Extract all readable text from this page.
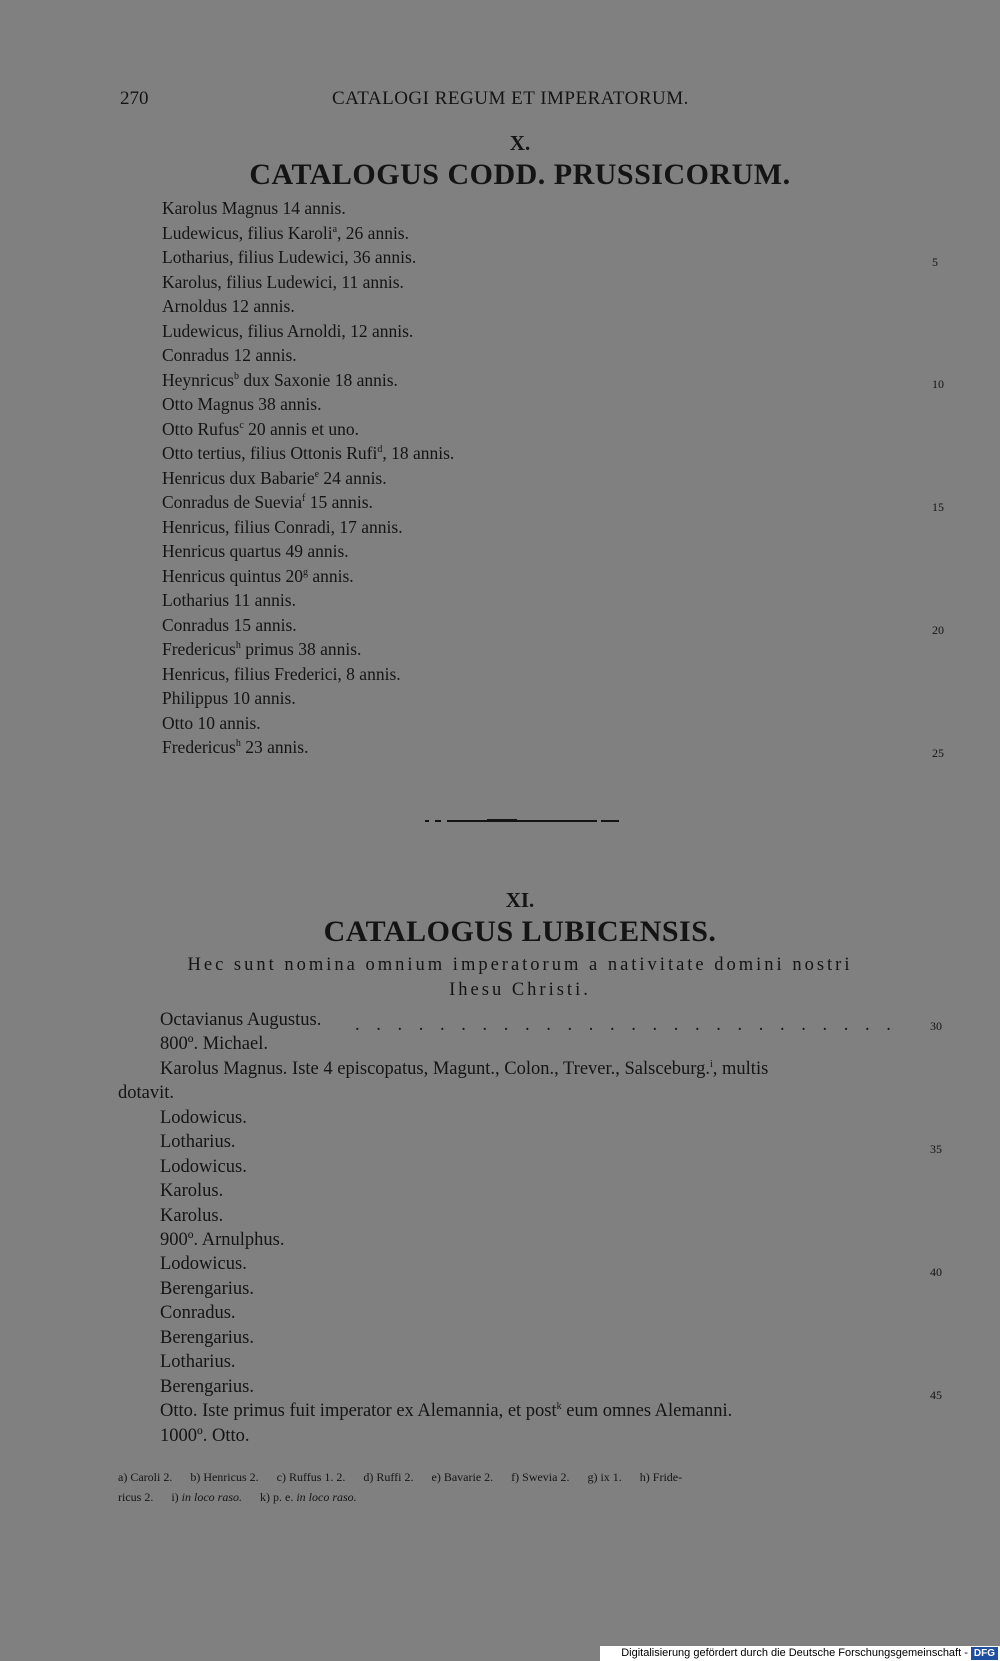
270	CATALOGI REGUM ET IMPERATORUM.
X.
CATALOGUS CODD. PRUSSICORUM.
Karolus Magnus 14 annis.
Ludewicus, filius Karoli$^a$, 26 annis.
Lotharius, filius Ludewici, 36 annis.
Karolus, filius Ludewici, 11 annis.
Arnoldus 12 annis.
Ludewicus, filius Arnoldi, 12 annis.
Conradus 12 annis.
Heynricus$^b$ dux Saxonie 18 annis.
Otto Magnus 38 annis.
Otto Rufus$^c$ 20 annis et uno.
Otto tertius, filius Ottonis Rufi$^d$, 18 annis.
Henricus dux Babarie$^e$ 24 annis.
Conradus de Suevia$^f$ 15 annis.
Henricus, filius Conradi, 17 annis.
Henricus quartus 49 annis.
Henricus quintus 20$^g$ annis.
Lotharius 11 annis.
Conradus 15 annis.
Fredericus$^h$ primus 38 annis.
Henricus, filius Frederici, 8 annis.
Philippus 10 annis.
Otto 10 annis.
Fredericus$^h$ 23 annis.
5
10
15
20
25
XI.
CATALOGUS LUBICENSIS.
Hec sunt nomina omnium imperatorum a nativitate domini nostri
Ihesu Christi.
Octavianus Augustus. . . . . . . . . . . . . . . . . . . . . . . . . . .
800º. Michael.
Karolus Magnus. Iste 4 episcopatus, Magunt., Colon., Trever., Salsceburg.$^i$, multis
dotavit.
Lodowicus.
Lotharius.
Lodowicus.
Karolus.
Karolus.
900º. Arnulphus.
Lodowicus.
Berengarius.
Conradus.
Berengarius.
Lotharius.
Berengarius.
Otto. Iste primus fuit imperator ex Alemannia, et post$^k$ eum omnes Alemanni.
1000º. Otto.
30
35
40
45
a) Caroli 2.      b) Henricus 2.      c) Ruffus 1. 2.      d) Ruffi 2.      e) Bavarie 2.      f) Swevia 2.      g) ix 1.      h) Fride-
ricus 2.      i) in loco raso.      k) p. e. in loco raso.
Digitalisierung gefördert durch die Deutsche Forschungsgemeinschaft - DFG
